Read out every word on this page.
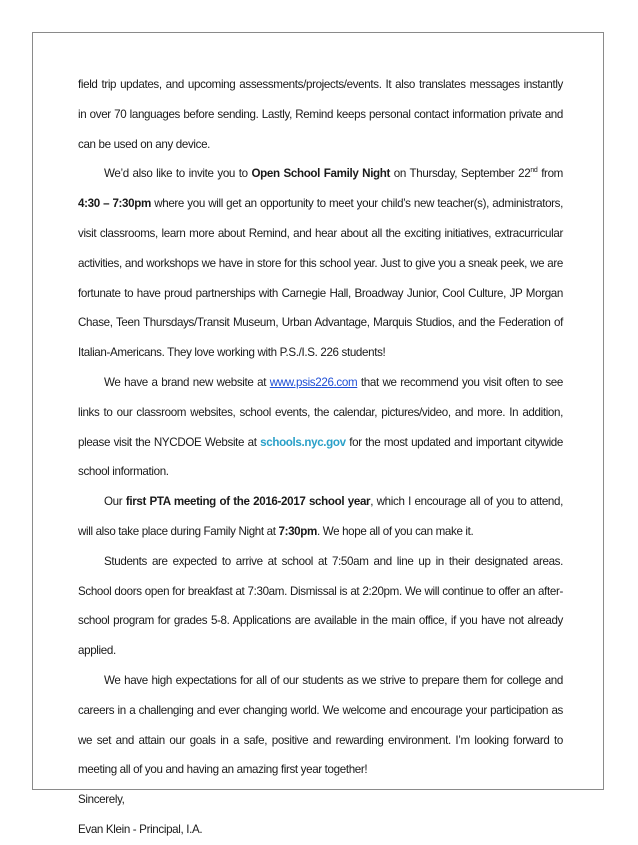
field trip updates, and upcoming assessments/projects/events. It also translates messages instantly in over 70 languages before sending. Lastly, Remind keeps personal contact information private and can be used on any device.

We’d also like to invite you to Open School Family Night on Thursday, September 22nd from 4:30 – 7:30pm where you will get an opportunity to meet your child’s new teacher(s), administrators, visit classrooms, learn more about Remind, and hear about all the exciting initiatives, extracurricular activities, and workshops we have in store for this school year. Just to give you a sneak peek, we are fortunate to have proud partnerships with Carnegie Hall, Broadway Junior, Cool Culture, JP Morgan Chase, Teen Thursdays/Transit Museum, Urban Advantage, Marquis Studios, and the Federation of Italian-Americans. They love working with P.S./I.S. 226 students!

We have a brand new website at www.psis226.com that we recommend you visit often to see links to our classroom websites, school events, the calendar, pictures/video, and more. In addition, please visit the NYCDOE Website at schools.nyc.gov for the most updated and important citywide school information.

Our first PTA meeting of the 2016-2017 school year, which I encourage all of you to attend, will also take place during Family Night at 7:30pm. We hope all of you can make it.

Students are expected to arrive at school at 7:50am and line up in their designated areas. School doors open for breakfast at 7:30am. Dismissal is at 2:20pm. We will continue to offer an after-school program for grades 5-8. Applications are available in the main office, if you have not already applied.

We have high expectations for all of our students as we strive to prepare them for college and careers in a challenging and ever changing world. We welcome and encourage your participation as we set and attain our goals in a safe, positive and rewarding environment. I’m looking forward to meeting all of you and having an amazing first year together!

Sincerely,

Evan Klein - Principal, I.A.
